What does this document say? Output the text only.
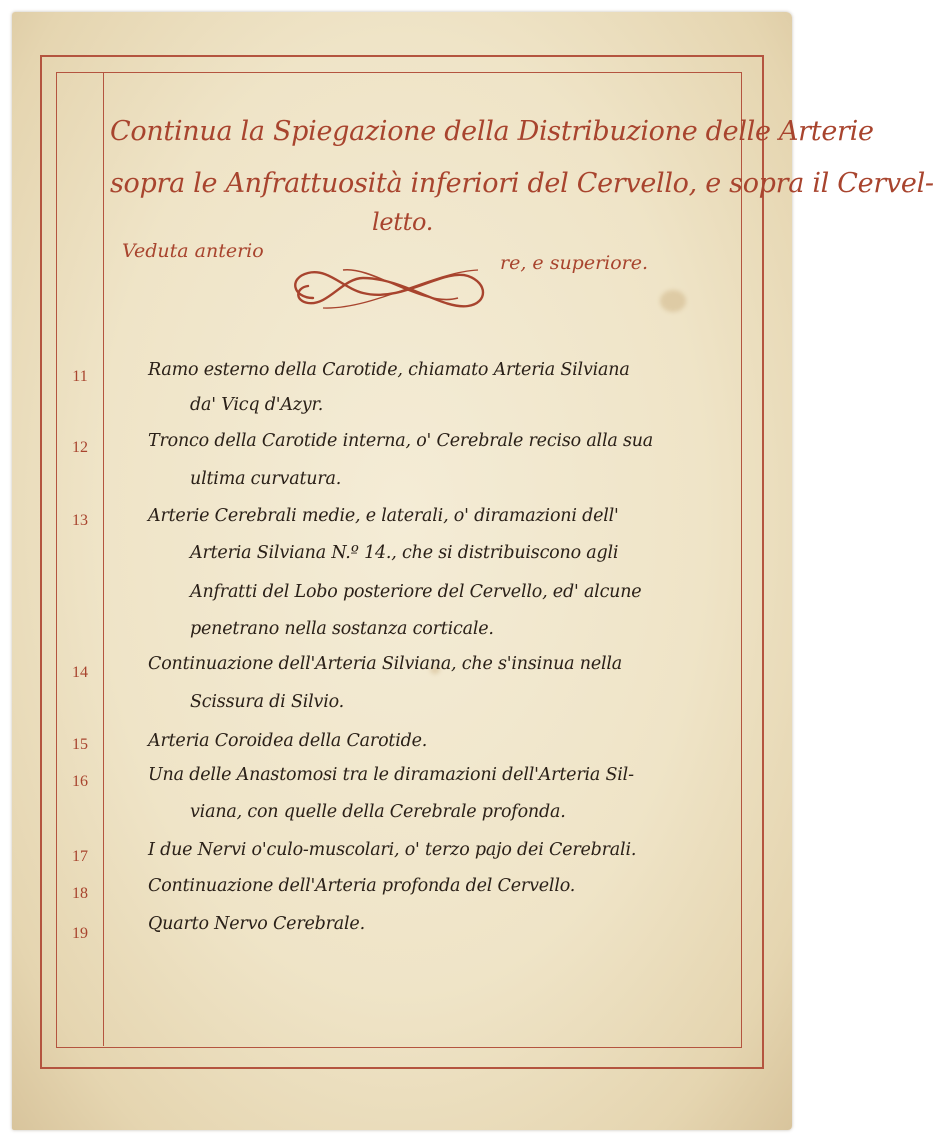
Continua la Spiegazione della Distribuzione delle Arterie
sopra le Anfrattuosità inferiori del Cervello, e sopra il Cervel-
letto.
Veduta anterio
re, e superiore.
11	Ramo esterno della Carotide, chiamato Arteria Silviana
da' Vicq d'Azyr.
12	Tronco della Carotide interna, o' Cerebrale reciso alla sua
ultima curvatura.
13	Arterie Cerebrali medie, e laterali, o' diramazioni dell'
Arteria Silviana N.º 14., che si distribuiscono agli
Anfratti del Lobo posteriore del Cervello, ed' alcune
penetrano nella sostanza corticale.
14	Continuazione dell'Arteria Silviana, che s'insinua nella
Scissura di Silvio.
15	Arteria Coroidea della Carotide.
16	Una delle Anastomosi tra le diramazioni dell'Arteria Sil-
viana, con quelle della Cerebrale profonda.
17	I due Nervi o'culo-muscolari, o' terzo pajo dei Cerebrali.
18	Continuazione dell'Arteria profonda del Cervello.
19	Quarto Nervo Cerebrale.
